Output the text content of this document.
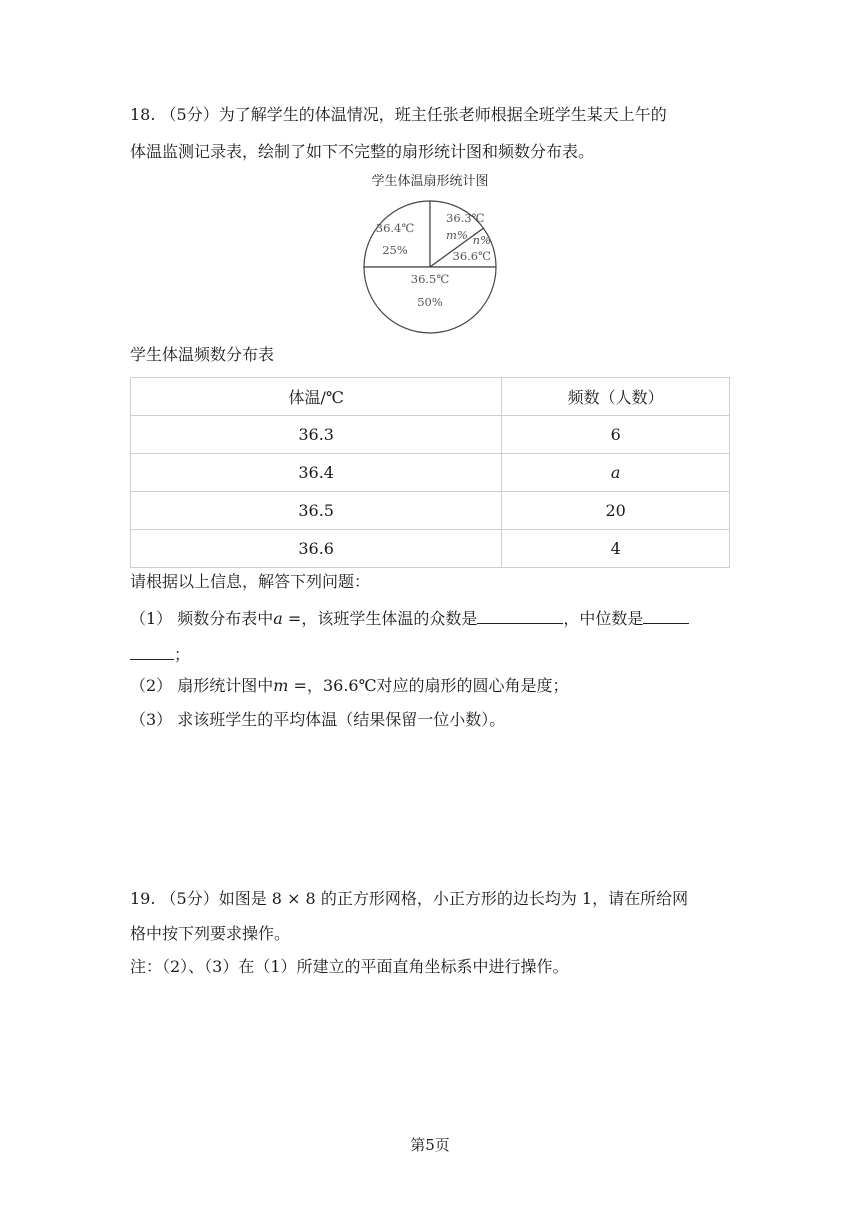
18. （5分）为了解学生的体温情况，班主任张老师根据全班学生某天上午的
体温监测记录表，绘制了如下不完整的扇形统计图和频数分布表。
学生体温扇形统计图
36.4℃
25%
36.3℃
m%
36.6℃
n%
36.5℃
50%
学生体温频数分布表
体温/℃	频数（人数）
36.3	6
36.4	a
36.5	20
36.6	4
请根据以上信息，解答下列问题：
（1） 频数分布表中a =，该班学生体温的众数是	，中位数是
；
（2） 扇形统计图中m =，36.6℃对应的扇形的圆心角是度；
（3） 求该班学生的平均体温（结果保留一位小数）。
19. （5分）如图是 8 × 8 的正方形网格，小正方形的边长均为 1，请在所给网
格中按下列要求操作。
注：（2）、（3）在（1）所建立的平面直角坐标系中进行操作。
第5页
